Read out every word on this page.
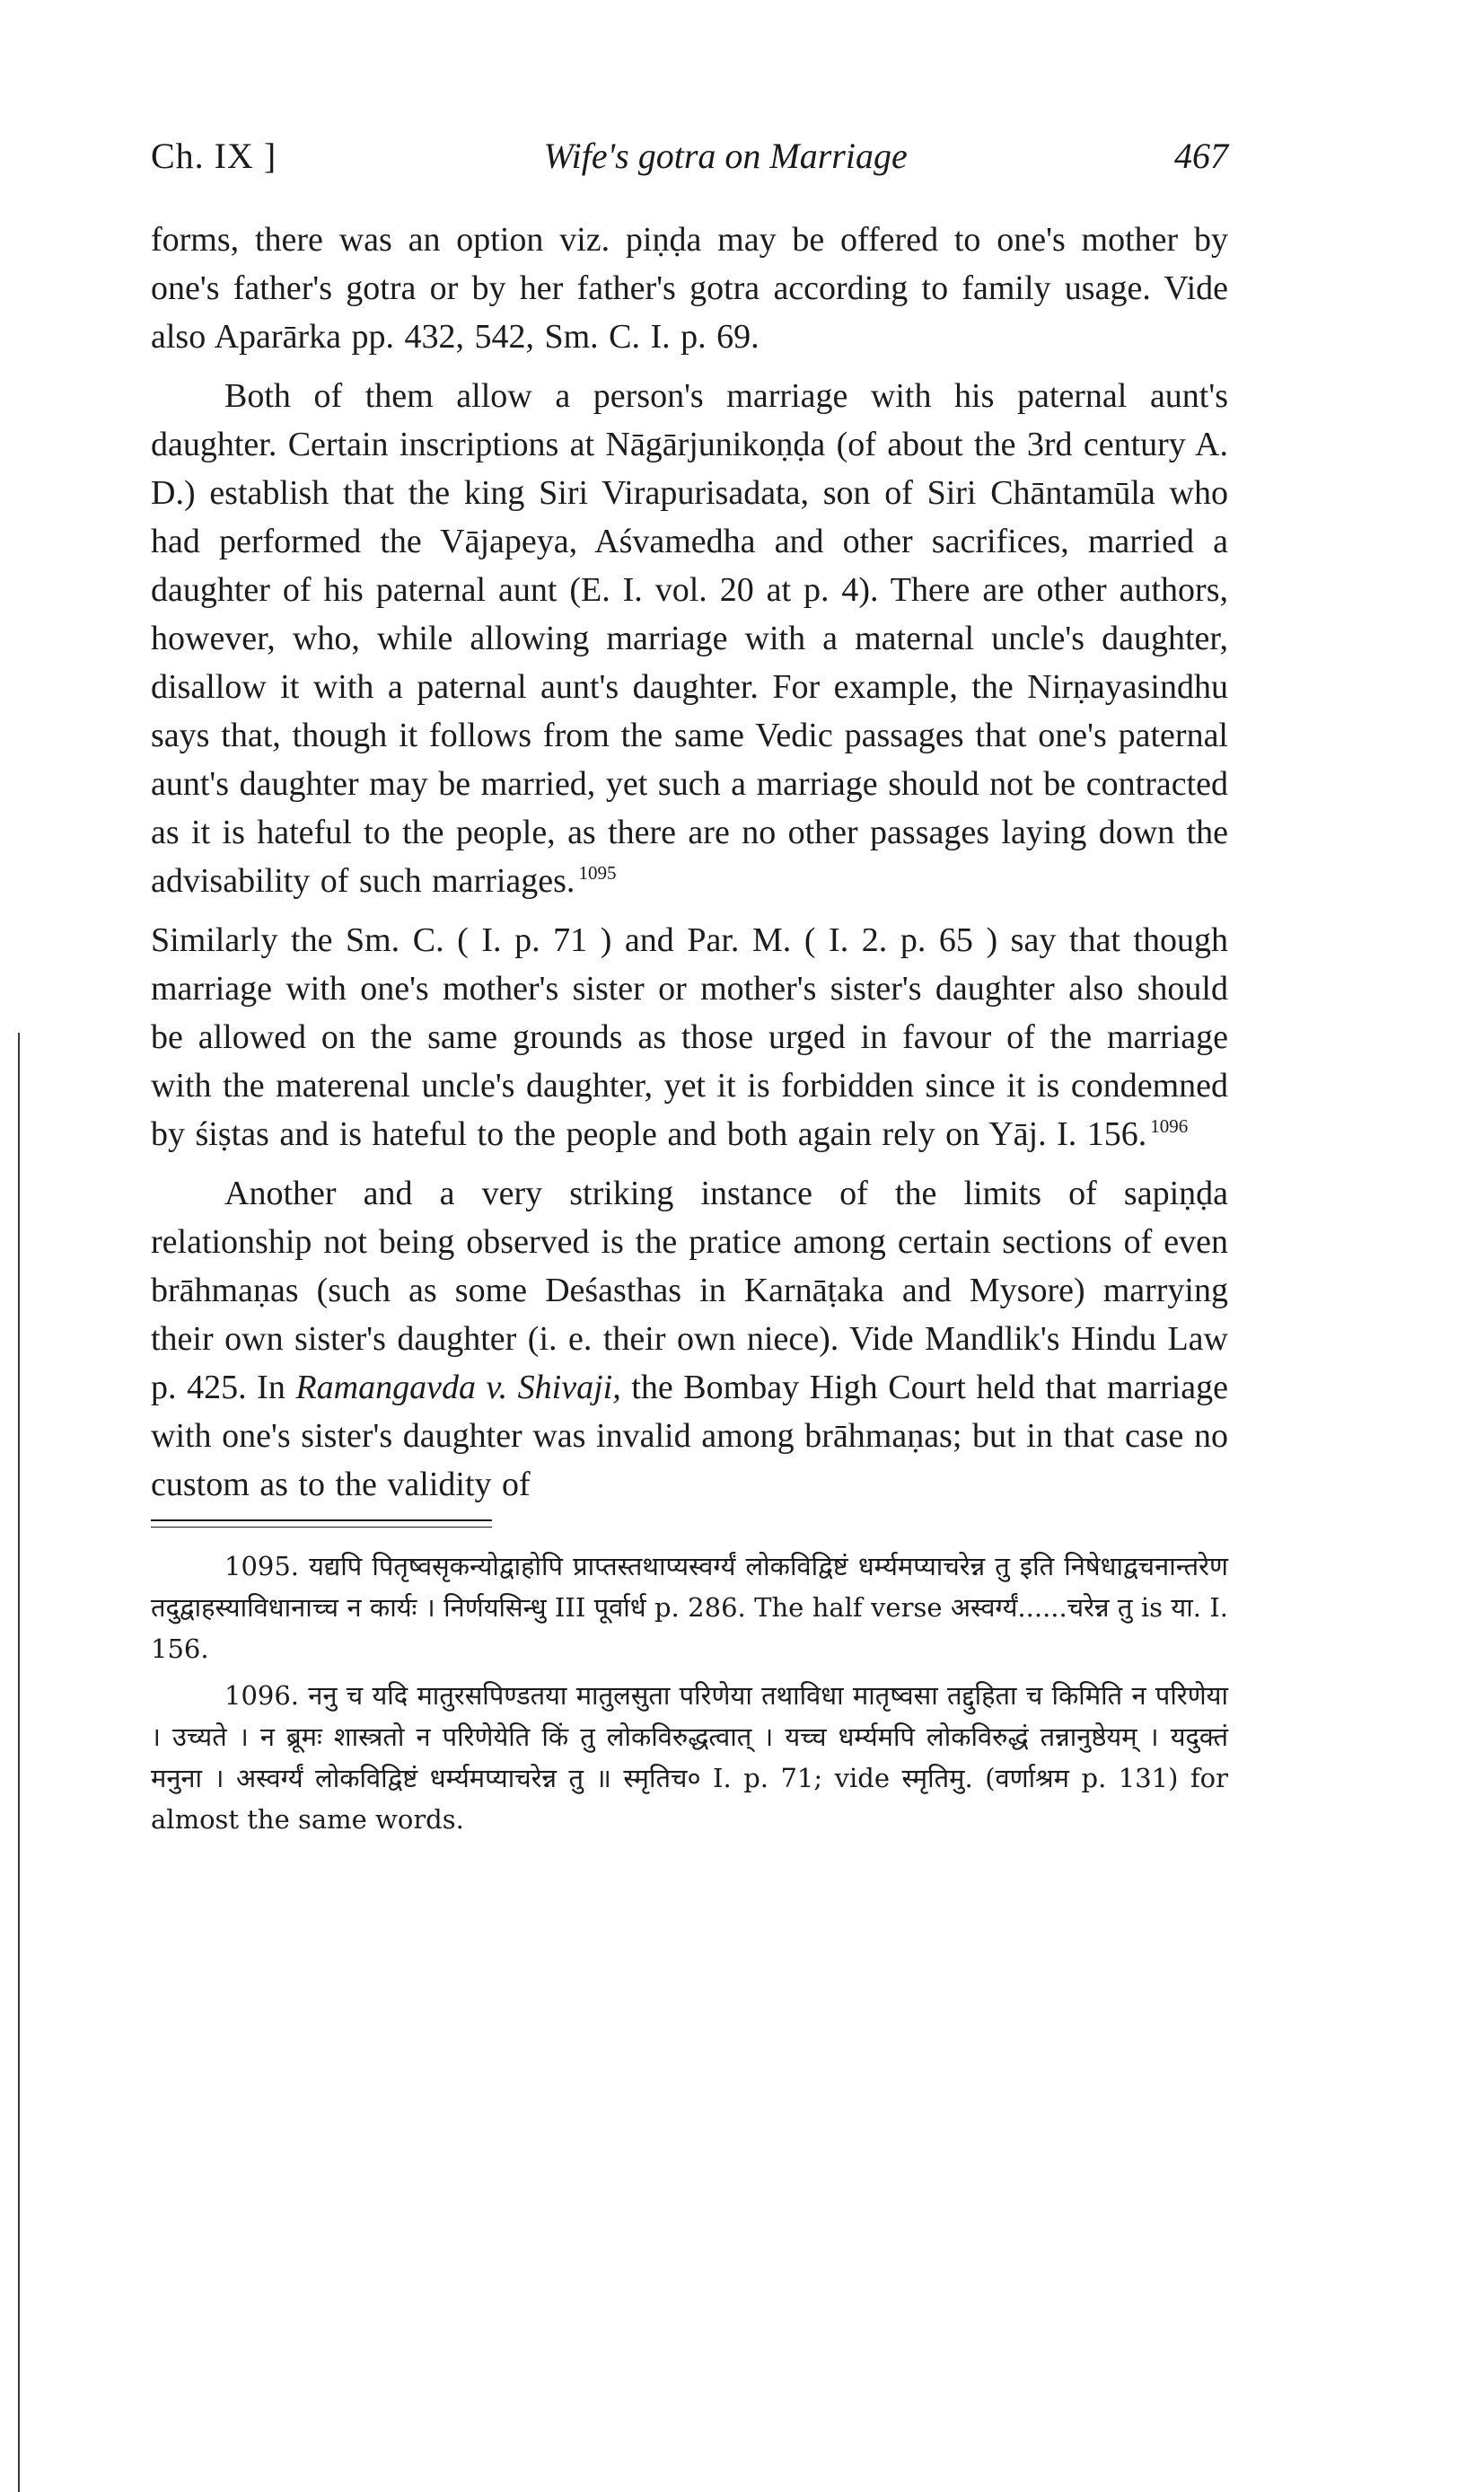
Ch. IX ]	Wife's gotra on Marriage	467

forms, there was an option viz. piṇḍa may be offered to one's mother by one's father's gotra or by her father's gotra according to family usage. Vide also Aparārka pp. 432, 542, Sm. C. I. p. 69.

Both of them allow a person's marriage with his paternal aunt's daughter. Certain inscriptions at Nāgārjunikoṇḍa (of about the 3rd century A. D.) establish that the king Siri Virapurisadata, son of Siri Chāntamūla who had performed the Vājapeya, Aśvamedha and other sacrifices, married a daughter of his paternal aunt (E. I. vol. 20 at p. 4). There are other authors, however, who, while allowing marriage with a maternal uncle's daughter, disallow it with a paternal aunt's daughter. For example, the Nirṇayasindhu says that, though it follows from the same Vedic passages that one's paternal aunt's daughter may be married, yet such a marriage should not be contracted as it is hateful to the people, as there are no other passages laying down the advisability of such marriages. $^{1095}$

Similarly the Sm. C. ( I. p. 71 ) and Par. M. ( I. 2. p. 65 ) say that though marriage with one's mother's sister or mother's sister's daughter also should be allowed on the same grounds as those urged in favour of the marriage with the materenal uncle's daughter, yet it is forbidden since it is condemned by śiṣtas and is hateful to the people and both again rely on Yāj. I. 156. $^{1096}$

Another and a very striking instance of the limits of sapiṇḍa relationship not being observed is the pratice among certain sections of even brāhmaṇas (such as some Deśasthas in Karnāṭaka and Mysore) marrying their own sister's daughter (i. e. their own niece). Vide Mandlik's Hindu Law p. 425. In Ramangavda v. Shivaji, the Bombay High Court held that marriage with one's sister's daughter was invalid among brāhmaṇas; but in that case no custom as to the validity of

1095. यद्यपि पितृष्वसृकन्योद्वाहोपि प्राप्तस्तथाप्यस्वर्ग्यं लोकविद्विष्टं धर्म्यमप्याचरेन्न तु इति निषेधाद्वचनान्तरेण तदुद्वाहस्याविधानाच्च न कार्यः । निर्णयसिन्धु III पूर्वार्ध p. 286. The half verse अस्वर्ग्यं......चरेन्न तु is या. I. 156.

1096. ननु च यदि मातुरसपिण्डतया मातुलसुता परिणेया तथाविधा मातृष्वसा तद्दुहिता च किमिति न परिणेया । उच्यते । न ब्रूमः शास्त्रतो न परिणेयेति किं तु लोकविरुद्धत्वात् । यच्च धर्म्यमपि लोकविरुद्धं तन्नानुष्ठेयम् । यदुक्तं मनुना । अस्वर्ग्यं लोकविद्विष्टं धर्म्यमप्याचरेन्न तु ॥ स्मृतिच० I. p. 71; vide स्मृतिमु. (वर्णाश्रम p. 131) for almost the same words.
